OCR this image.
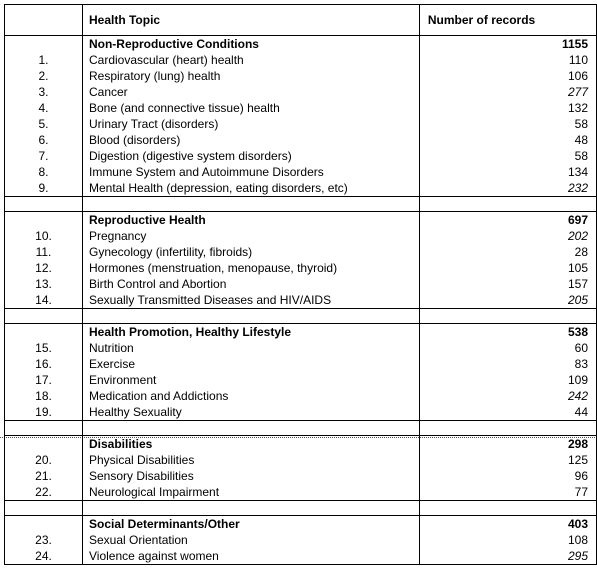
	Health Topic	Number of records
	Non-Reproductive Conditions	1155
1.	Cardiovascular (heart) health	110
2.	Respiratory (lung) health	106
3.	Cancer	277
4.	Bone (and connective tissue) health	132
5.	Urinary Tract (disorders)	58
6.	Blood (disorders)	48
7.	Digestion (digestive system disorders)	58
8.	Immune System and Autoimmune Disorders	134
9.	Mental Health (depression, eating disorders, etc)	232

	Reproductive Health	697
10.	Pregnancy	202
11.	Gynecology (infertility, fibroids)	28
12.	Hormones (menstruation, menopause, thyroid)	105
13.	Birth Control and Abortion	157
14.	Sexually Transmitted Diseases and HIV/AIDS	205

	Health Promotion, Healthy Lifestyle	538
15.	Nutrition	60
16.	Exercise	83
17.	Environment	109
18.	Medication and Addictions	242
19.	Healthy Sexuality	44

	Disabilities	298
20.	Physical Disabilities	125
21.	Sensory Disabilities	96
22.	Neurological Impairment	77

	Social Determinants/Other	403
23.	Sexual Orientation	108
24.	Violence against women	295
